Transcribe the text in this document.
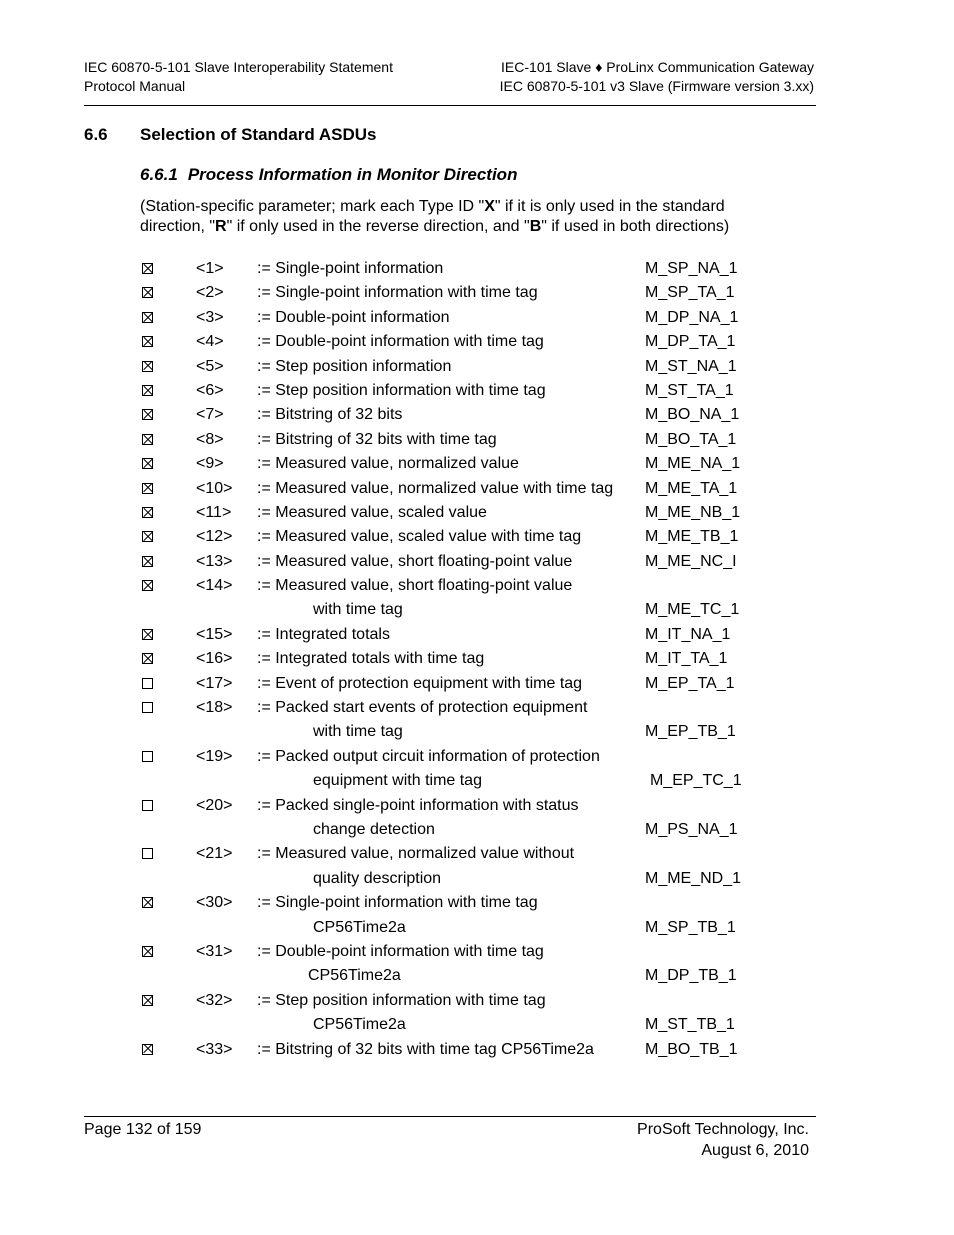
IEC 60870-5-101 Slave Interoperability Statement
Protocol Manual
IEC-101 Slave ♦ ProLinx Communication Gateway
IEC 60870-5-101 v3 Slave (Firmware version 3.xx)
6.6 Selection of Standard ASDUs
6.6.1 Process Information in Monitor Direction
(Station-specific parameter; mark each Type ID "X" if it is only used in the standard direction, "R" if only used in the reverse direction, and "B" if used in both directions)
<1> := Single-point information	M_SP_NA_1
<2> := Single-point information with time tag	M_SP_TA_1
<3> := Double-point information	M_DP_NA_1
<4> := Double-point information with time tag	M_DP_TA_1
<5> := Step position information	M_ST_NA_1
<6> := Step position information with time tag	M_ST_TA_1
<7> := Bitstring of 32 bits	M_BO_NA_1
<8> := Bitstring of 32 bits with time tag	M_BO_TA_1
<9> := Measured value, normalized value	M_ME_NA_1
<10> := Measured value, normalized value with time tag M_ME_TA_1
<11> := Measured value, scaled value	M_ME_NB_1
<12> := Measured value, scaled value with time tag	M_ME_TB_1
<13> := Measured value, short floating-point value	M_ME_NC_I
<14> := Measured value, short floating-point value
with time tag	M_ME_TC_1
<15> := Integrated totals	M_IT_NA_1
<16> := Integrated totals with time tag	M_IT_TA_1
<17> := Event of protection equipment with time tag	M_EP_TA_1
<18> := Packed start events of protection equipment
with time tag	M_EP_TB_1
<19> := Packed output circuit information of protection
equipment with time tag	M_EP_TC_1
<20> := Packed single-point information with status
change detection	M_PS_NA_1
<21> := Measured value, normalized value without
quality description	M_ME_ND_1
<30> := Single-point information with time tag
CP56Time2a	M_SP_TB_1
<31> := Double-point information with time tag
CP56Time2a	M_DP_TB_1
<32> := Step position information with time tag
CP56Time2a	M_ST_TB_1
<33> := Bitstring of 32 bits with time tag CP56Time2a	M_BO_TB_1
Page 132 of 159	ProSoft Technology, Inc.
August 6, 2010
